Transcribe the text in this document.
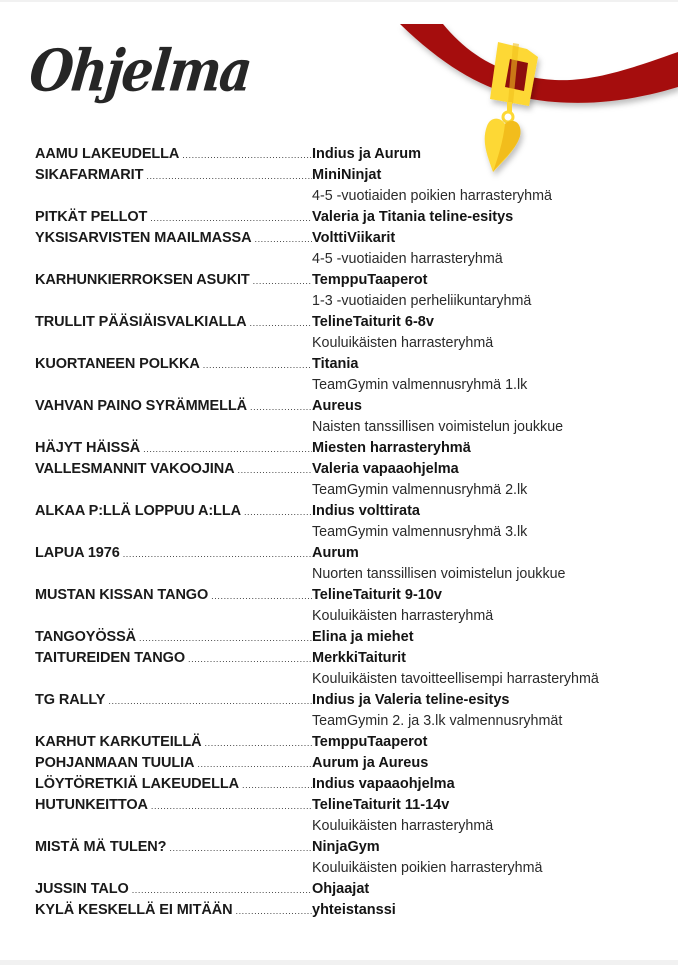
Ohjelma
AAMU LAKEUDELLA .....	Indius ja Aurum
SIKAFARMARIT .....	MiniNinjat
4-5 -vuotiaiden poikien harrasteryhmä
PITKÄT PELLOT .....	Valeria ja Titania teline-esitys
YKSISARVISTEN MAAILMASSA .....	VolttiViikarit
4-5 -vuotiaiden harrasteryhmä
KARHUNKIERROKSEN ASUKIT .....	TemppuTaaperot
1-3 -vuotiaiden perheliikuntaryhmä
TRULLIT PÄÄSIÄISVALKIALLA .....	TelineTaiturit 6-8v
Kouluikäisten harrasteryhmä
KUORTANEEN POLKKA .....	Titania
TeamGymin valmennusryhmä 1.lk
VAHVAN PAINO SYRÄMMELLÄ .....	Aureus
Naisten tanssillisen voimistelun joukkue
HÄJYT HÄISSÄ .....	Miesten harrasteryhmä
VALLESMANNIT VAKOOJINA .....	Valeria vapaaohjelma
TeamGymin valmennusryhmä 2.lk
ALKAA P:LLÄ LOPPUU A:LLA .....	Indius volttirata
TeamGymin valmennusryhmä 3.lk
LAPUA 1976 .....	Aurum
Nuorten tanssillisen voimistelun joukkue
MUSTAN KISSAN TANGO .....	TelineTaiturit 9-10v
Kouluikäisten harrasteryhmä
TANGOYÖSSÄ .....	Elina ja miehet
TAITUREIDEN TANGO .....	MerkkiTaiturit
Kouluikäisten tavoitteellisempi harrasteryhmä
TG RALLY .....	Indius ja Valeria teline-esitys
TeamGymin 2. ja 3.lk valmennusryhmät
KARHUT KARKUTEILLÄ .....	TemppuTaaperot
POHJANMAAN TUULIA .....	Aurum ja Aureus
LÖYTÖRETKIÄ LAKEUDELLA .....	Indius vapaaohjelma
HUTUNKEITTOA .....	TelineTaiturit 11-14v
Kouluikäisten harrasteryhmä
MISTÄ MÄ TULEN? .....	NinjaGym
Kouluikäisten poikien harrasteryhmä
JUSSIN TALO .....	Ohjaajat
KYLÄ KESKELLÄ EI MITÄÄN .....	yhteistanssi
